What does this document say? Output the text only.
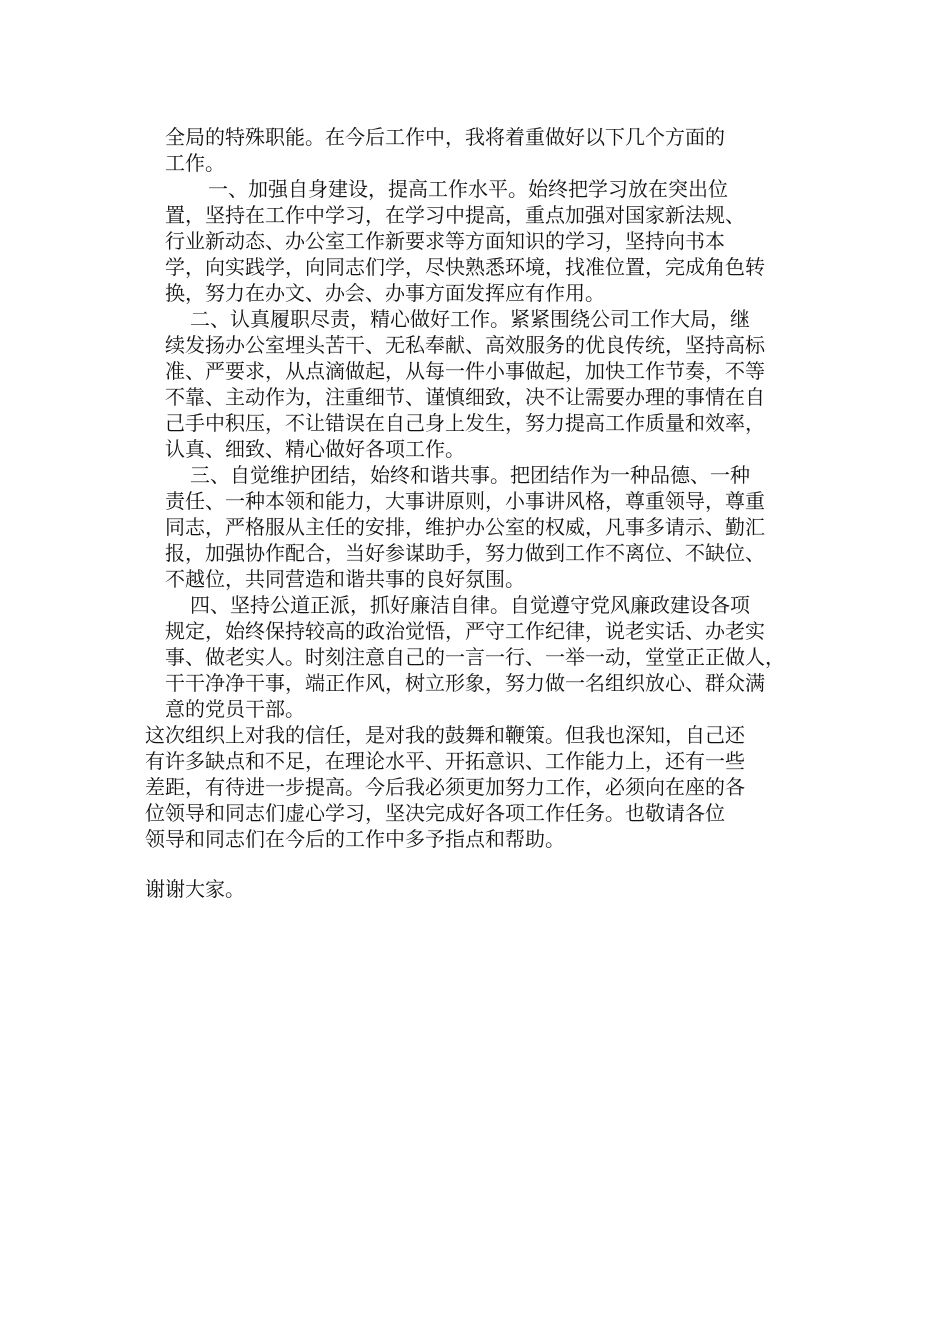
全局的特殊职能。在今后工作中，我将着重做好以下几个方面的
工作。
一、加强自身建设，提高工作水平。始终把学习放在突出位
置，坚持在工作中学习，在学习中提高，重点加强对国家新法规、
行业新动态、办公室工作新要求等方面知识的学习，坚持向书本
学，向实践学，向同志们学，尽快熟悉环境，找准位置，完成角色转
换，努力在办文、办会、办事方面发挥应有作用。
二、认真履职尽责，精心做好工作。紧紧围绕公司工作大局，继
续发扬办公室埋头苦干、无私奉献、高效服务的优良传统，坚持高标
准、严要求，从点滴做起，从每一件小事做起，加快工作节奏，不等
不靠、主动作为，注重细节、谨慎细致，决不让需要办理的事情在自
己手中积压，不让错误在自己身上发生，努力提高工作质量和效率，
认真、细致、精心做好各项工作。
三、自觉维护团结，始终和谐共事。把团结作为一种品德、一种
责任、一种本领和能力，大事讲原则，小事讲风格，尊重领导，尊重
同志，严格服从主任的安排，维护办公室的权威，凡事多请示、勤汇
报，加强协作配合，当好参谋助手，努力做到工作不离位、不缺位、
不越位，共同营造和谐共事的良好氛围。
四、坚持公道正派，抓好廉洁自律。自觉遵守党风廉政建设各项
规定，始终保持较高的政治觉悟，严守工作纪律，说老实话、办老实
事、做老实人。时刻注意自己的一言一行、一举一动，堂堂正正做人，
干干净净干事，端正作风，树立形象，努力做一名组织放心、群众满
意的党员干部。
这次组织上对我的信任，是对我的鼓舞和鞭策。但我也深知，自己还
有许多缺点和不足，在理论水平、开拓意识、工作能力上，还有一些
差距，有待进一步提高。今后我必须更加努力工作，必须向在座的各
位领导和同志们虚心学习，坚决完成好各项工作任务。也敬请各位
领导和同志们在今后的工作中多予指点和帮助。
谢谢大家。
